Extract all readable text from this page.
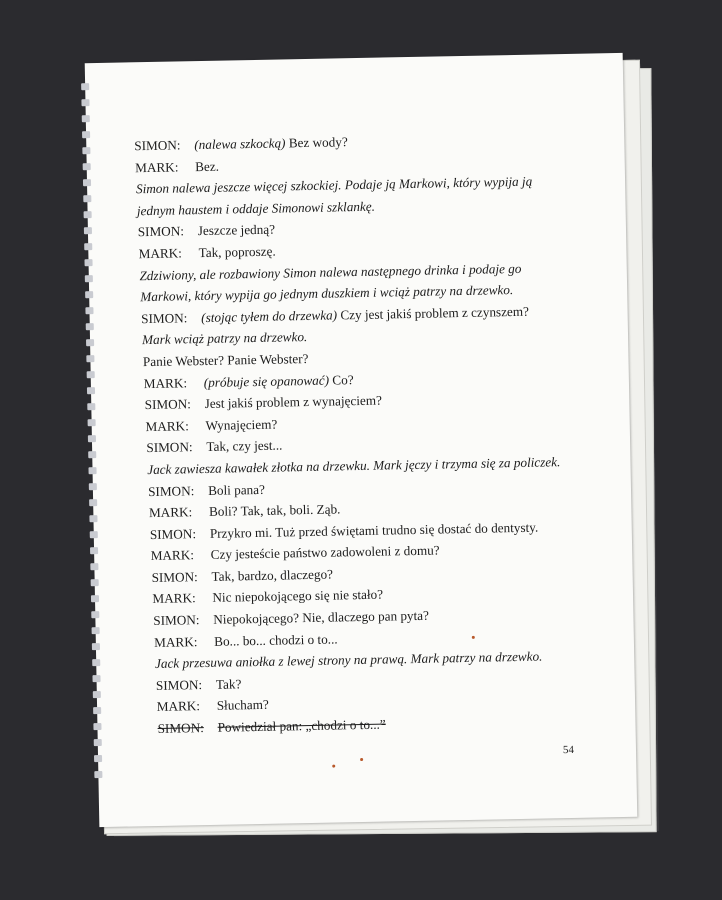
SIMON:	(nalewa szkocką) Bez wody?
MARK:	Bez.
Simon nalewa jeszcze więcej szkockiej. Podaje ją Markowi, który wypija ją
jednym haustem i oddaje Simonowi szklankę.
SIMON:	Jeszcze jedną?
MARK:	Tak, poproszę.
Zdziwiony, ale rozbawiony Simon nalewa następnego drinka i podaje go
Markowi, który wypija go jednym duszkiem i wciąż patrzy na drzewko.
SIMON:	(stojąc tyłem do drzewka) Czy jest jakiś problem z czynszem?
Mark wciąż patrzy na drzewko.
Panie Webster? Panie Webster?
MARK:	(próbuje się opanować) Co?
SIMON:	Jest jakiś problem z wynajęciem?
MARK:	Wynajęciem?
SIMON:	Tak, czy jest...
Jack zawiesza kawałek złotka na drzewku. Mark jęczy i trzyma się za policzek.
SIMON:	Boli pana?
MARK:	Boli? Tak, tak, boli. Ząb.
SIMON:	Przykro mi. Tuż przed świętami trudno się dostać do dentysty.
MARK:	Czy jesteście państwo zadowoleni z domu?
SIMON:	Tak, bardzo, dlaczego?
MARK:	Nic niepokojącego się nie stało?
SIMON:	Niepokojącego? Nie, dlaczego pan pyta?
MARK:	Bo... bo... chodzi o to...
Jack przesuwa aniołka z lewej strony na prawą. Mark patrzy na drzewko.
SIMON:	Tak?
MARK:	Słucham?
SIMON:	Powiedział pan: „chodzi o to...”
54
